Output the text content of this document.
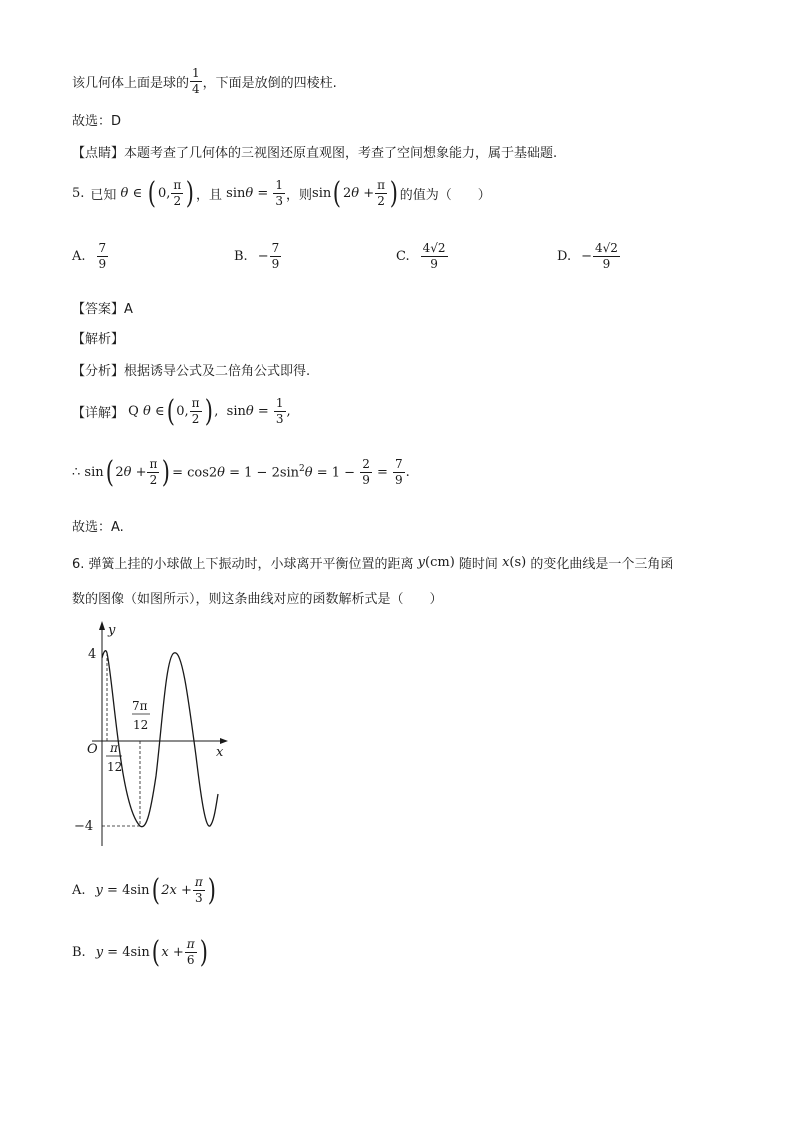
该几何体上面是球的 $\frac{1}{4}$ ，下面是放倒的四棱柱.
故选：D
【点睛】本题考查了几何体的三视图还原直观图，考查了空间想象能力，属于基础题.
5. 已知 θ ∈ ( 0, $\frac{\pi}{2}$ ) ，且 $\sin\theta = \frac{1}{3}$ ，则 sin ( $2\theta + \frac{\pi}{2}$ ) 的值为（　　）
A. $\frac{7}{9}$	B. − $\frac{7}{9}$	C. $\frac{4√2}{9}$	D. − $\frac{4√2}{9}$
【答案】A
【解析】
【分析】根据诱导公式及二倍角公式即得.
【详解】 Q θ ∈ ( 0, $\frac{\pi}{2}$ ) ,  $\sin\theta = \frac{1}{3}$ ,
∴ sin ( $2\theta + \frac{\pi}{2}$ ) = $\cos 2\theta = 1 - 2\sin^2\theta = 1 - \frac{2}{9} = \frac{7}{9}$ .
故选：A.
6. 弹簧上挂的小球做上下振动时，小球离开平衡位置的距离 y(cm) 随时间 x(s) 的变化曲线是一个三角函
数的图像（如图所示），则这条曲线对应的函数解析式是（　　）
y
x
O
4
−4
π
12
7π
12
A. y = 4 sin ( $2x + \frac{\pi}{3}$ )
B. y = 4 sin ( $x + \frac{\pi}{6}$ )
